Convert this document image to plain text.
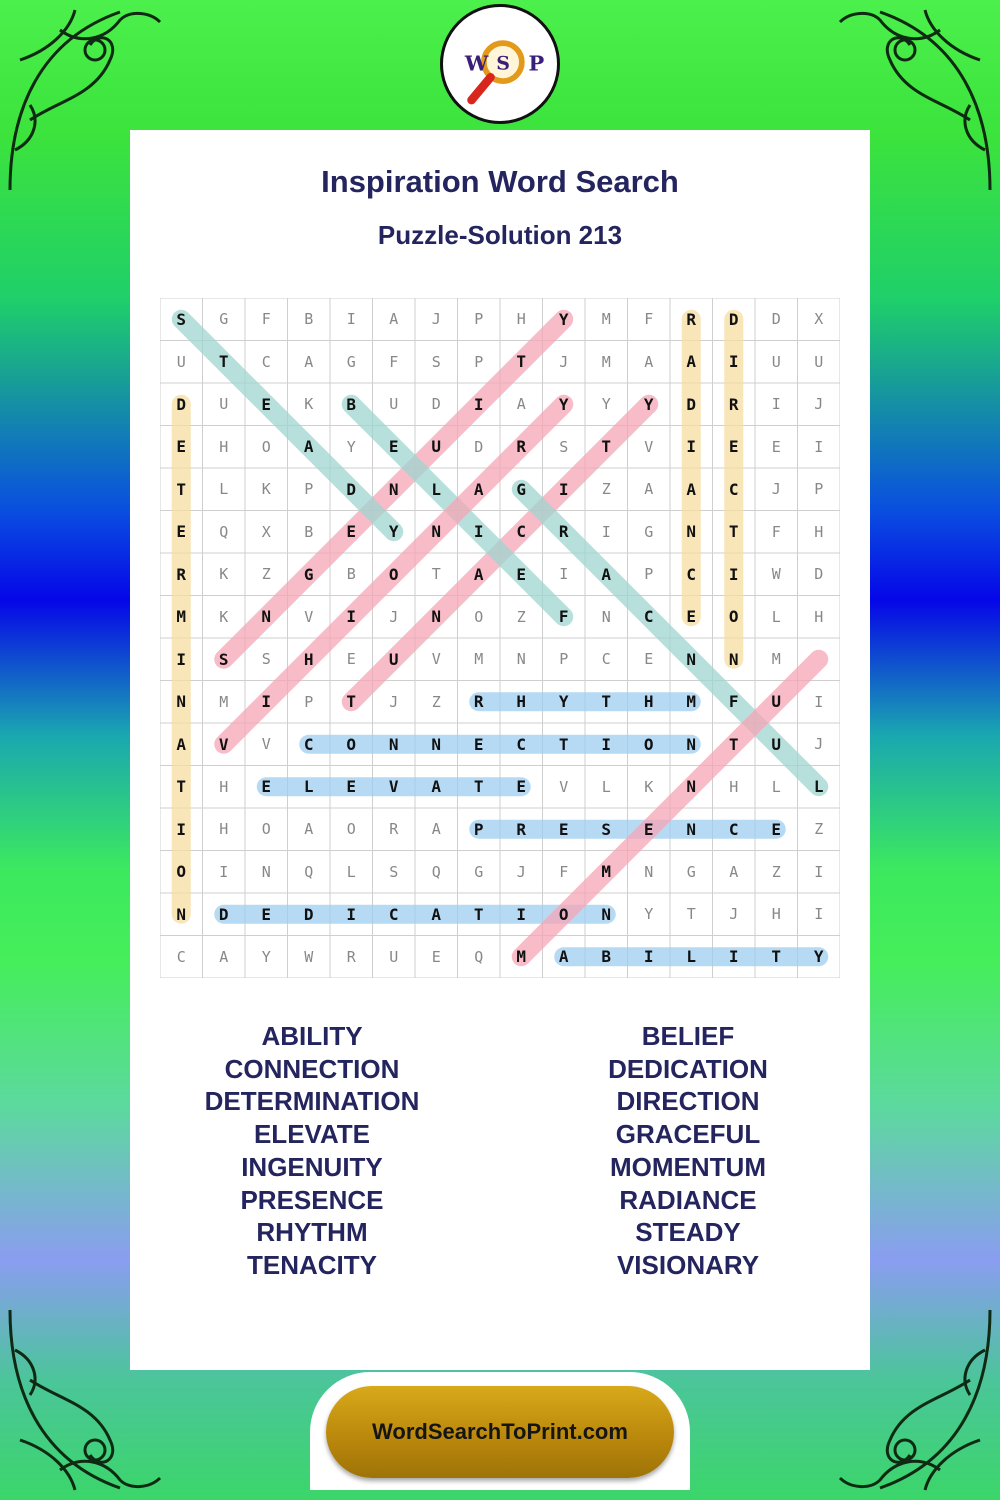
W S P
Inspiration Word Search
Puzzle-Solution 213
S	G	F	B	I	A	J	P	H	Y	M	F	R	D	D	X
U	T	C	A	G	F	S	P	T	J	M	A	A	I	U	U
D	U	E	K	B	U	D	I	A	Y	Y	Y	D	R	I	J
E	H	O	A	Y	E	U	D	R	S	T	V	I	E	E	I
T	L	K	P	D	N	L	A	G	I	Z	A	A	C	J	P
E	Q	X	B	E	Y	N	I	C	R	I	G	N	T	F	H
R	K	Z	G	B	O	T	A	E	I	A	P	C	I	W	D
M	K	N	V	I	J	N	O	Z	F	N	C	E	O	L	H
I	S	S	H	E	U	V	M	N	P	C	E	N	N	M
N	M	I	P	T	J	Z	R	H	Y	T	H	M	F	U	I
A	V	V	C	O	N	N	E	C	T	I	O	N	T	U	J
T	H	E	L	E	V	A	T	E	V	L	K	N	H	L	L
I	H	O	A	O	R	A	P	R	E	S	E	N	C	E	Z
O	I	N	Q	L	S	Q	G	J	F	M	N	G	A	Z	I
N	D	E	D	I	C	A	T	I	O	N	Y	T	J	H	I
C	A	Y	W	R	U	E	Q	M	A	B	I	L	I	T	Y
ABILITY
CONNECTION
DETERMINATION
ELEVATE
INGENUITY
PRESENCE
RHYTHM
TENACITY
BELIEF
DEDICATION
DIRECTION
GRACEFUL
MOMENTUM
RADIANCE
STEADY
VISIONARY
WordSearchToPrint.com
